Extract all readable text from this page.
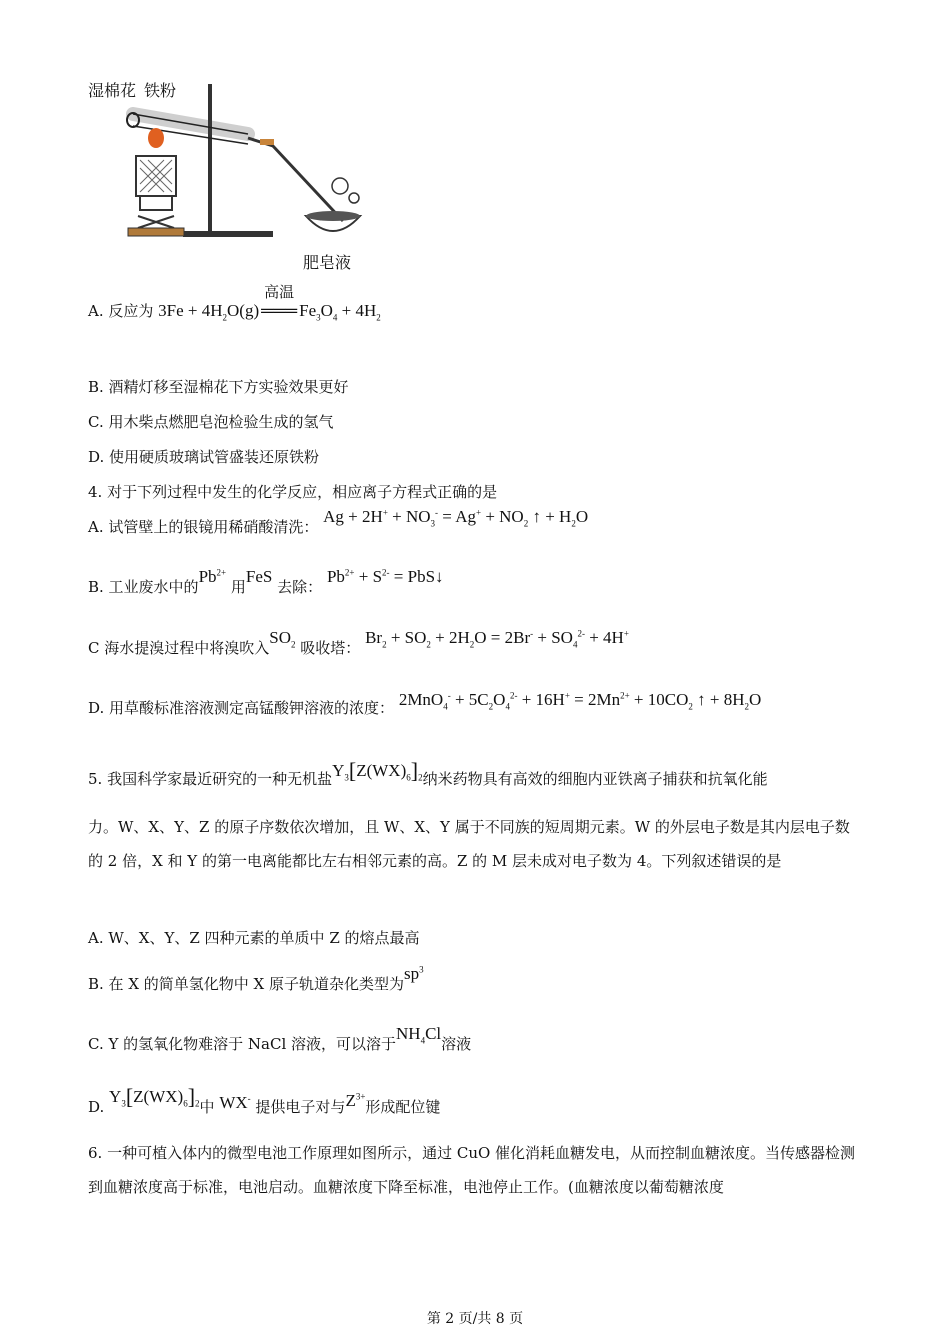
湿棉花 铁粉
肥皂液
A. 反应为 $3Fe + 4H_2O(g)$
高温
═══ $Fe_3O_4 + 4H_2$
B. 酒精灯移至湿棉花下方实验效果更好
C. 用木柴点燃肥皂泡检验生成的氢气
D. 使用硬质玻璃试管盛装还原铁粉
4. 对于下列过程中发生的化学反应，相应离子方程式正确的是
A. 试管壁上的银镜用稀硝酸清洗： $Ag + 2H^+ + NO_3^- = Ag^+ + NO_2$ ↑ + $H_2O$
B. 工业废水中的$Pb^{2+}$ 用FeS 去除： $Pb^{2+} + S^{2-}$ = PbS↓
C 海水提溴过程中将溴吹入$SO_2$ 吸收塔： $Br_2 + SO_2 + 2H_2O = 2Br^- + SO_4^{2-} + 4H^+$
D. 用草酸标准溶液测定高锰酸钾溶液的浓度： $2MnO_4^- + 5C_2O_4^{2-} + 16H^+ = 2Mn^{2+} + 10CO_2$ ↑ + $8H_2O$
5. 我国科学家最近研究的一种无机盐$Y_3[Z(WX)_6]_2$纳米药物具有高效的细胞内亚铁离子捕获和抗氧化能
力。W、X、Y、Z 的原子序数依次增加，且 W、X、Y 属于不同族的短周期元素。W 的外层电子数是其内层电子数的 2 倍，X 和 Y 的第一电离能都比左右相邻元素的高。Z 的 M 层未成对电子数为 4。下列叙述错误的是
A. W、X、Y、Z 四种元素的单质中 Z 的熔点最高
B. 在 X 的简单氢化物中 X 原子轨道杂化类型为$sp^3$
C. Y 的氢氧化物难溶于 NaCl 溶液，可以溶于$NH_4Cl$溶液
D. $Y_3[Z(WX)_6]_2$中 WX- 提供电子对与$Z^{3+}$形成配位键
6. 一种可植入体内的微型电池工作原理如图所示，通过 CuO 催化消耗血糖发电，从而控制血糖浓度。当传感器检测到血糖浓度高于标准，电池启动。血糖浓度下降至标准，电池停止工作。(血糖浓度以葡萄糖浓度
第 2 页/共 8 页
